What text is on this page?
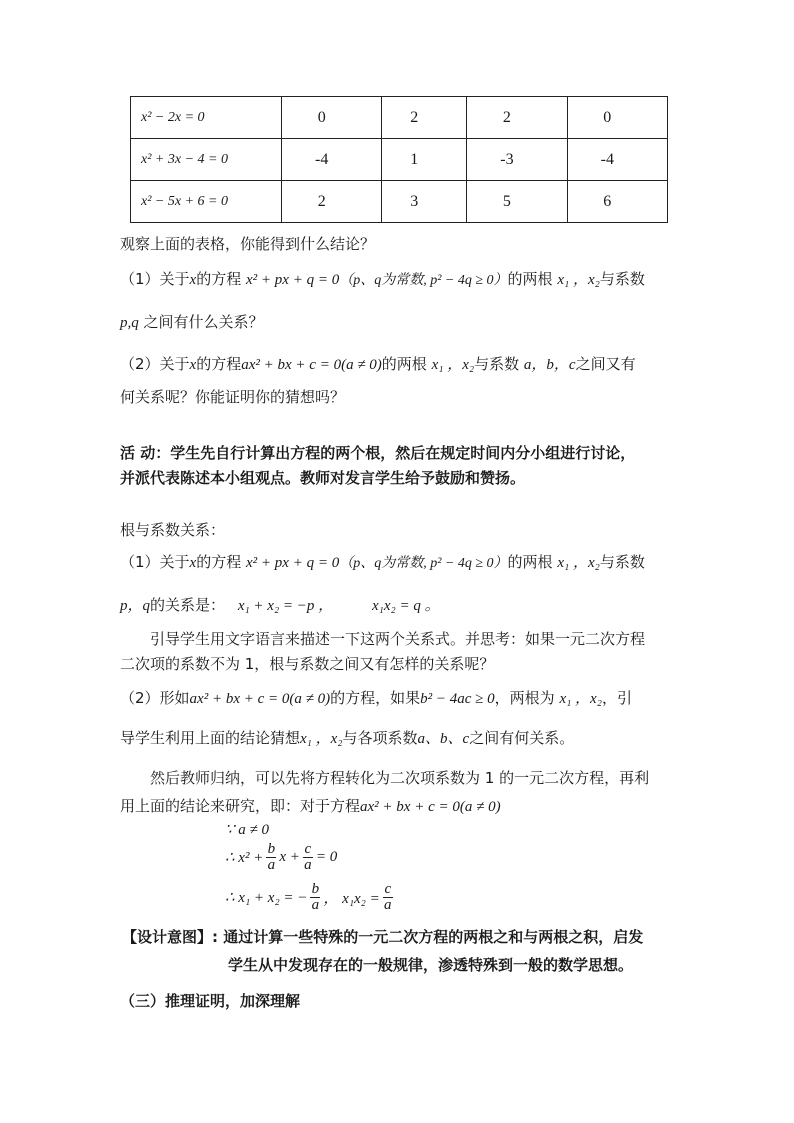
x² − 2x = 0	0	2	2	0
x² + 3x − 4 = 0	-4	1	-3	-4
x² − 5x + 6 = 0	2	3	5	6
观察上面的表格，你能得到什么结论？
（1）关于x的方程 x² + px + q = 0（p、q为常数, p² − 4q ≥ 0）的两根 x₁ ，x₂与系数
p,q 之间有什么关系？
（2）关于x的方程ax² + bx + c = 0(a ≠ 0)的两根 x₁ ，x₂与系数 a，b，c之间又有
何关系呢？你能证明你的猜想吗？
活 动：学生先自行计算出方程的两个根，然后在规定时间内分小组进行讨论，
并派代表陈述本小组观点。教师对发言学生给予鼓励和赞扬。
根与系数关系：
（1）关于x的方程 x² + px + q = 0（p、q为常数, p² − 4q ≥ 0）的两根 x₁ ，x₂与系数
p，q的关系是： x₁ + x₂ = −p ，	x₁x₂ = q 。
引导学生用文字语言来描述一下这两个关系式。并思考：如果一元二次方程
二次项的系数不为 1，根与系数之间又有怎样的关系呢？
（2）形如ax² + bx + c = 0(a ≠ 0)的方程，如果b² − 4ac ≥ 0，两根为 x₁ ，x₂，引
导学生利用上面的结论猜想x₁ ，x₂与各项系数a、b、c之间有何关系。
然后教师归纳，可以先将方程转化为二次项系数为 1 的一元二次方程，再利
用上面的结论来研究，即：对于方程ax² + bx + c = 0(a ≠ 0)
∵ a ≠ 0
∴ x² +
b
a x + c
a = 0
∴ x₁ + x₂ = −
b
a ， x₁x₂ =
c
a
【设计意图】: 通过计算一些特殊的一元二次方程的两根之和与两根之积，启发
学生从中发现存在的一般规律，渗透特殊到一般的数学思想。
（三）推理证明，加深理解
